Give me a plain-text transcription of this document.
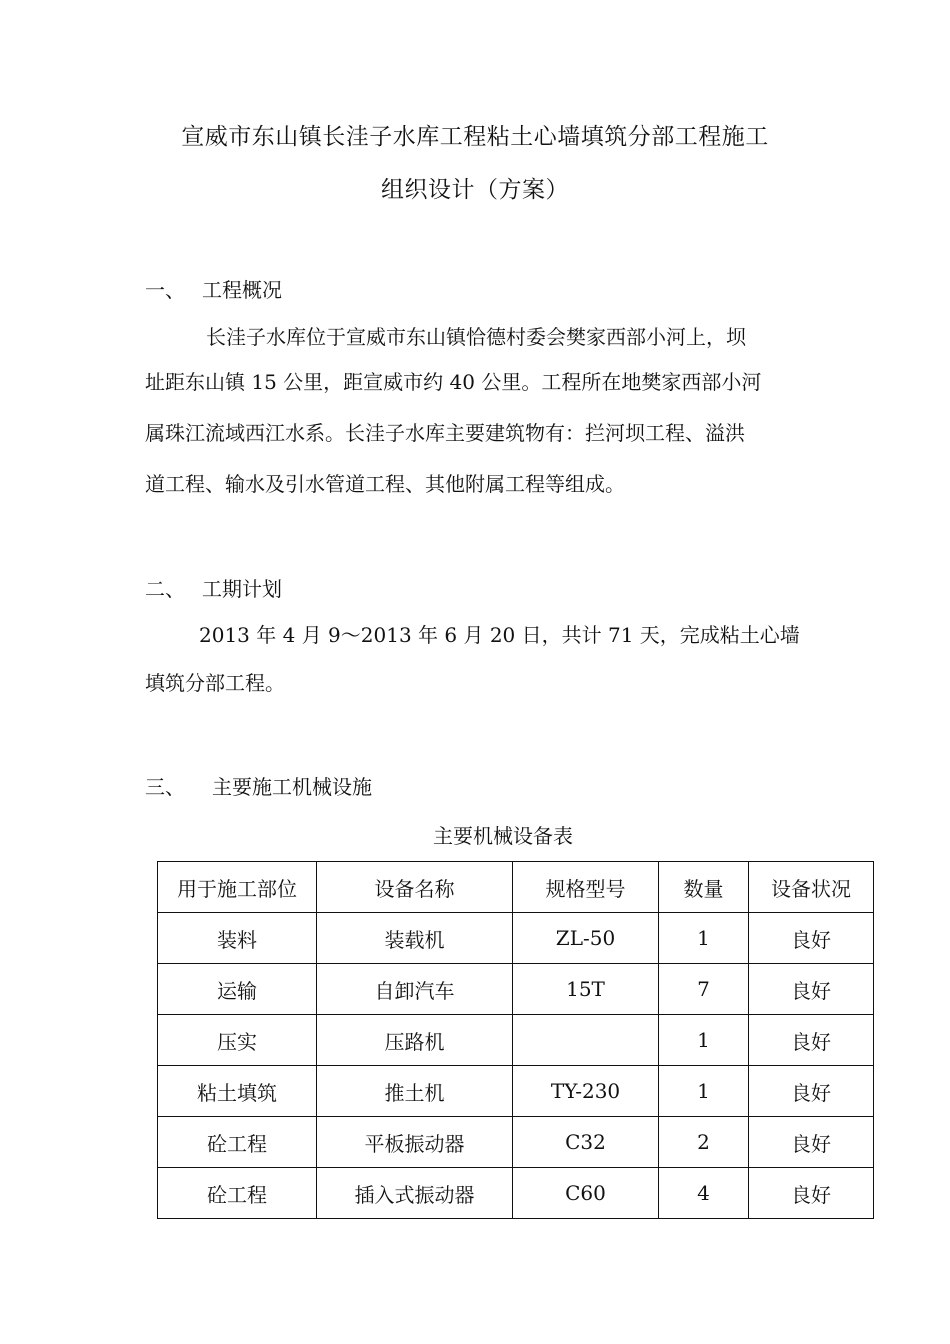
宣威市东山镇长洼子水库工程粘土心墙填筑分部工程施工
组织设计（方案）
一、 工程概况
长洼子水库位于宣威市东山镇恰德村委会樊家西部小河上，坝
址距东山镇 15 公里，距宣威市约 40 公里。工程所在地樊家西部小河
属珠江流域西江水系。长洼子水库主要建筑物有：拦河坝工程、溢洪
道工程、输水及引水管道工程、其他附属工程等组成。
二、 工期计划
2013 年 4 月 9～2013 年 6 月 20 日，共计 71 天，完成粘土心墙
填筑分部工程。
三、 主要施工机械设施
主要机械设备表
用于施工部位	设备名称	规格型号	数量	设备状况
装料	装载机	ZL-50	1	良好
运输	自卸汽车	15T	7	良好
压实	压路机		1	良好
粘土填筑	推土机	TY-230	1	良好
砼工程	平板振动器	C32	2	良好
砼工程	插入式振动器	C60	4	良好
